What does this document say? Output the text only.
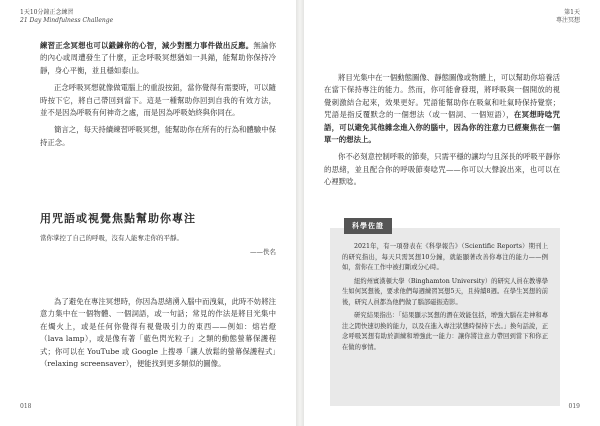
1天10分鐘正念練習
21 Day Mindfulness Challenge

練習正念冥想也可以鍛鍊你的心智，減少對壓力事件做出反應。無論你的內心或周遭發生了什麼，正念呼吸冥想猶如一具錨，能幫助你保持冷靜，身心平衡，並且穩如泰山。

正念呼吸冥想就像做電腦上的重設按鈕，當你覺得有需要時，可以隨時按下它，將自己帶回到當下。這是一種幫助你回到自我的有效方法，並不是因為呼吸有何神奇之處，而是因為呼吸始終與你同在。

簡言之，每天持續練習呼吸冥想，能幫助你在所有的行為和體驗中保持正念。

用咒語或視覺焦點幫助你專注
當你掌控了自己的呼吸，沒有人能奪走你的平靜。
——佚名

為了避免在專注冥想時，你因為思緒湧入腦中而洩氣，此時不妨將注意力集中在一個物體、一個詞語，或一句話；常見的作法是將目光集中在燭火上，或是任何你覺得有視覺吸引力的東西——例如：熔岩燈（lava lamp），或是像有著「藍色閃光粒子」之類的動態螢幕保護程式；你可以在 YouTube 或 Google 上搜尋「讓人放鬆的螢幕保護程式」（relaxing screensaver），便能找到更多類似的圖像。

018
第1天
專注冥想

將目光集中在一個動態圖像、靜態圖像或物體上，可以幫助你培養活在當下保持專注的能力。然而，你可能會發現，將呼吸與一個開放的視覺刺激結合起來，效果更好。咒語能幫助你在吸氣和吐氣時保持覺察；咒語是指反覆默念的一個想法（或一個詞、一個短語），在冥想時唸咒語，可以避免其他雜念進入你的腦中，因為你的注意力已經聚焦在一個單一的想法上。

你不必刻意控制呼吸的節奏，只需平穩的讓均勻且深長的呼吸平靜你的思緒，並且配合你的呼吸節奏唸咒——你可以大聲說出來，也可以在心裡默唸。

科學佐證

2021年，有一項發表在《科學報告》（Scientific Reports）期刊上的研究指出，每天只需冥想10分鐘，就能顯著改善你專注的能力——例如，當你在工作中被打斷或分心時。

紐約州賓漢頓大學（Binghamton University）的研究人員在教導學生如何冥想後，要求他們每週練習冥想5天，且持續8週。在學生冥想的前後，研究人員都為他們做了腦部磁振造影。

研究結果指出：「結果顯示冥想的潛在效能包括，增強大腦在走神和專注之間快速切換的能力，以及在進入專注狀態時保持下去。」換句話說，正念呼吸冥想有助於訓練和增強此一能力：讓你將注意力帶回到當下和你正在做的事情。

019
